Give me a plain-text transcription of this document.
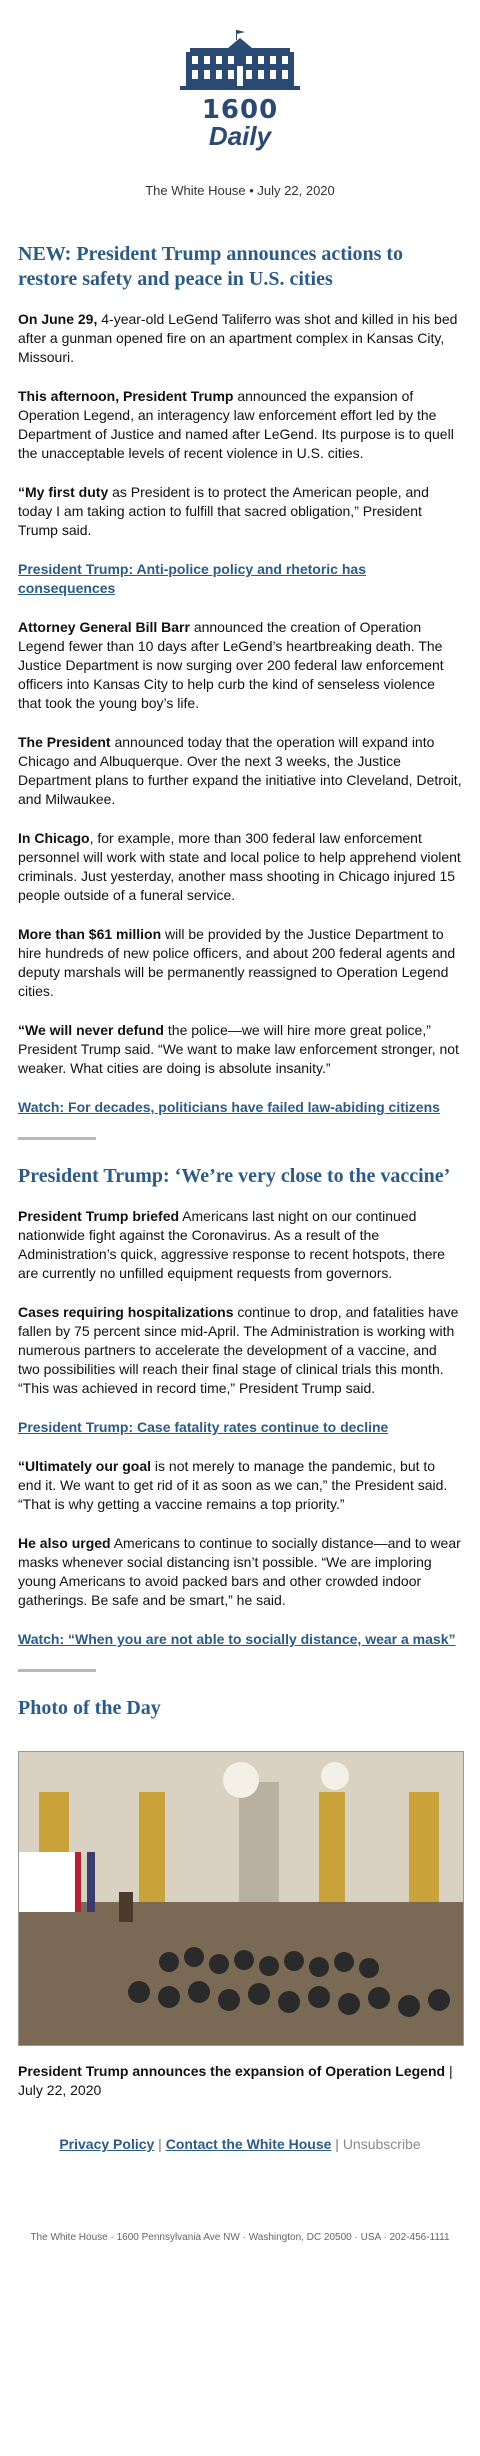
1600 Daily
The White House • July 22, 2020
NEW: President Trump announces actions to restore safety and peace in U.S. cities

On June 29, 4-year-old LeGend Taliferro was shot and killed in his bed after a gunman opened fire on an apartment complex in Kansas City, Missouri.

This afternoon, President Trump announced the expansion of Operation Legend, an interagency law enforcement effort led by the Department of Justice and named after LeGend. Its purpose is to quell the unacceptable levels of recent violence in U.S. cities.

“My first duty as President is to protect the American people, and today I am taking action to fulfill that sacred obligation,” President Trump said.

President Trump: Anti-police policy and rhetoric has consequences

Attorney General Bill Barr announced the creation of Operation Legend fewer than 10 days after LeGend’s heartbreaking death. The Justice Department is now surging over 200 federal law enforcement officers into Kansas City to help curb the kind of senseless violence that took the young boy’s life.

The President announced today that the operation will expand into Chicago and Albuquerque. Over the next 3 weeks, the Justice Department plans to further expand the initiative into Cleveland, Detroit, and Milwaukee.

In Chicago, for example, more than 300 federal law enforcement personnel will work with state and local police to help apprehend violent criminals. Just yesterday, another mass shooting in Chicago injured 15 people outside of a funeral service.

More than $61 million will be provided by the Justice Department to hire hundreds of new police officers, and about 200 federal agents and deputy marshals will be permanently reassigned to Operation Legend cities.

“We will never defund the police—we will hire more great police,” President Trump said. “We want to make law enforcement stronger, not weaker. What cities are doing is absolute insanity.”

Watch: For decades, politicians have failed law-abiding citizens
President Trump: ‘We’re very close to the vaccine’

President Trump briefed Americans last night on our continued nationwide fight against the Coronavirus. As a result of the Administration’s quick, aggressive response to recent hotspots, there are currently no unfilled equipment requests from governors.

Cases requiring hospitalizations continue to drop, and fatalities have fallen by 75 percent since mid-April. The Administration is working with numerous partners to accelerate the development of a vaccine, and two possibilities will reach their final stage of clinical trials this month. “This was achieved in record time,” President Trump said.

President Trump: Case fatality rates continue to decline

“Ultimately our goal is not merely to manage the pandemic, but to end it. We want to get rid of it as soon as we can,” the President said. “That is why getting a vaccine remains a top priority.”

He also urged Americans to continue to socially distance—and to wear masks whenever social distancing isn’t possible. “We are imploring young Americans to avoid packed bars and other crowded indoor gatherings. Be safe and be smart,” he said.

Watch: “When you are not able to socially distance, wear a mask”
Photo of the Day
President Trump announces the expansion of Operation Legend | July 22, 2020
Privacy Policy | Contact the White House | Unsubscribe
The White House · 1600 Pennsylvania Ave NW · Washington, DC 20500 · USA · 202-456-1111
